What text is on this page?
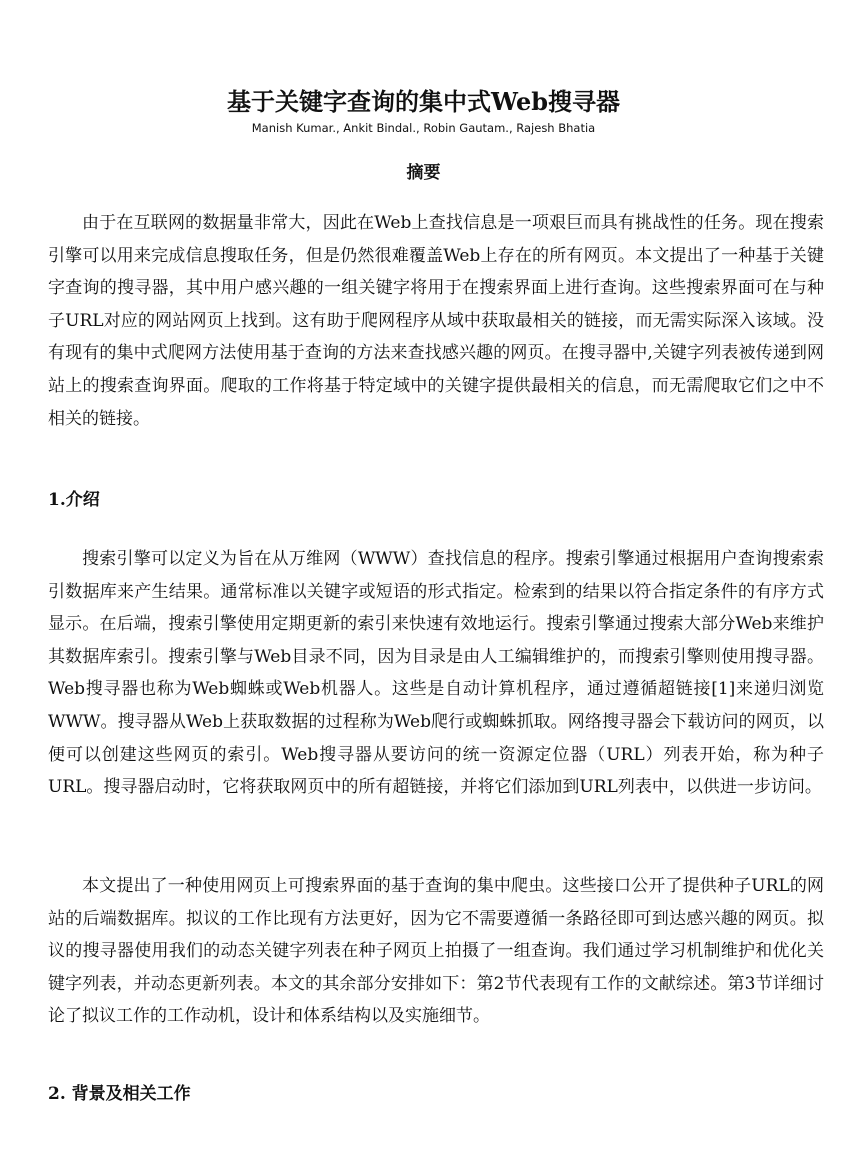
基于关键字查询的集中式Web搜寻器
Manish Kumar., Ankit Bindal., Robin Gautam., Rajesh Bhatia
摘要

由于在互联网的数据量非常大，因此在Web上查找信息是一项艰巨而具有挑战性的任务。现在搜索引擎可以用来完成信息搜取任务，但是仍然很难覆盖Web上存在的所有网页。本文提出了一种基于关键字查询的搜寻器，其中用户感兴趣的一组关键字将用于在搜索界面上进行查询。这些搜索界面可在与种子URL对应的网站网页上找到。这有助于爬网程序从域中获取最相关的链接，而无需实际深入该域。没有现有的集中式爬网方法使用基于查询的方法来查找感兴趣的网页。在搜寻器中,关键字列表被传递到网站上的搜索查询界面。爬取的工作将基于特定域中的关键字提供最相关的信息，而无需爬取它们之中不相关的链接。

1.介绍

搜索引擎可以定义为旨在从万维网（WWW）查找信息的程序。搜索引擎通过根据用户查询搜索索引数据库来产生结果。通常标准以关键字或短语的形式指定。检索到的结果以符合指定条件的有序方式显示。在后端，搜索引擎使用定期更新的索引来快速有效地运行。搜索引擎通过搜索大部分Web来维护其数据库索引。搜索引擎与Web目录不同，因为目录是由人工编辑维护的，而搜索引擎则使用搜寻器。Web搜寻器也称为Web蜘蛛或Web机器人。这些是自动计算机程序，通过遵循超链接[1]来递归浏览WWW。搜寻器从Web上获取数据的过程称为Web爬行或蜘蛛抓取。网络搜寻器会下载访问的网页，以便可以创建这些网页的索引。Web搜寻器从要访问的统一资源定位器（URL）列表开始，称为种子URL。搜寻器启动时，它将获取网页中的所有超链接，并将它们添加到URL列表中，以供进一步访问。

本文提出了一种使用网页上可搜索界面的基于查询的集中爬虫。这些接口公开了提供种子URL的网站的后端数据库。拟议的工作比现有方法更好，因为它不需要遵循一条路径即可到达感兴趣的网页。拟议的搜寻器使用我们的动态关键字列表在种子网页上拍摄了一组查询。我们通过学习机制维护和优化关键字列表，并动态更新列表。本文的其余部分安排如下：第2节代表现有工作的文献综述。第3节详细讨论了拟议工作的工作动机，设计和体系结构以及实施细节。

2. 背景及相关工作
